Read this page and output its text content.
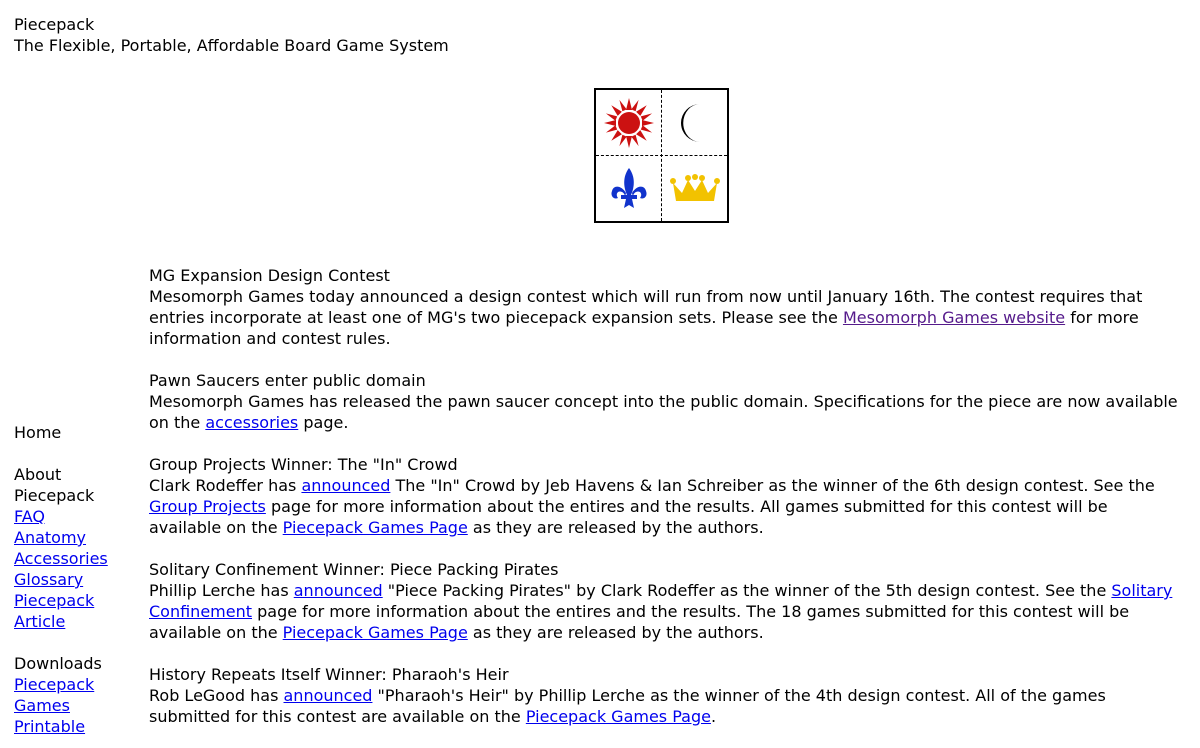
Piecepack
The Flexible, Portable, Affordable Board Game System
Home
About Piecepack
FAQ
Anatomy
Accessories
Glossary
Piecepack Article
Downloads
Piecepack Games
Printable
MG Expansion Design Contest
Mesomorph Games today announced a design contest which will run from now until January 16th. The contest requires that entries incorporate at least one of MG's two piecepack expansion sets. Please see the Mesomorph Games website for more information and contest rules.
Pawn Saucers enter public domain
Mesomorph Games has released the pawn saucer concept into the public domain. Specifications for the piece are now available on the accessories page.
Group Projects Winner: The "In" Crowd
Clark Rodeffer has announced The "In" Crowd by Jeb Havens & Ian Schreiber as the winner of the 6th design contest. See the Group Projects page for more information about the entires and the results. All games submitted for this contest will be available on the Piecepack Games Page as they are released by the authors.
Solitary Confinement Winner: Piece Packing Pirates
Phillip Lerche has announced "Piece Packing Pirates" by Clark Rodeffer as the winner of the 5th design contest. See the Solitary Confinement page for more information about the entires and the results. The 18 games submitted for this contest will be available on the Piecepack Games Page as they are released by the authors.
History Repeats Itself Winner: Pharaoh's Heir
Rob LeGood has announced "Pharaoh's Heir" by Phillip Lerche as the winner of the 4th design contest. All of the games submitted for this contest are available on the Piecepack Games Page.
